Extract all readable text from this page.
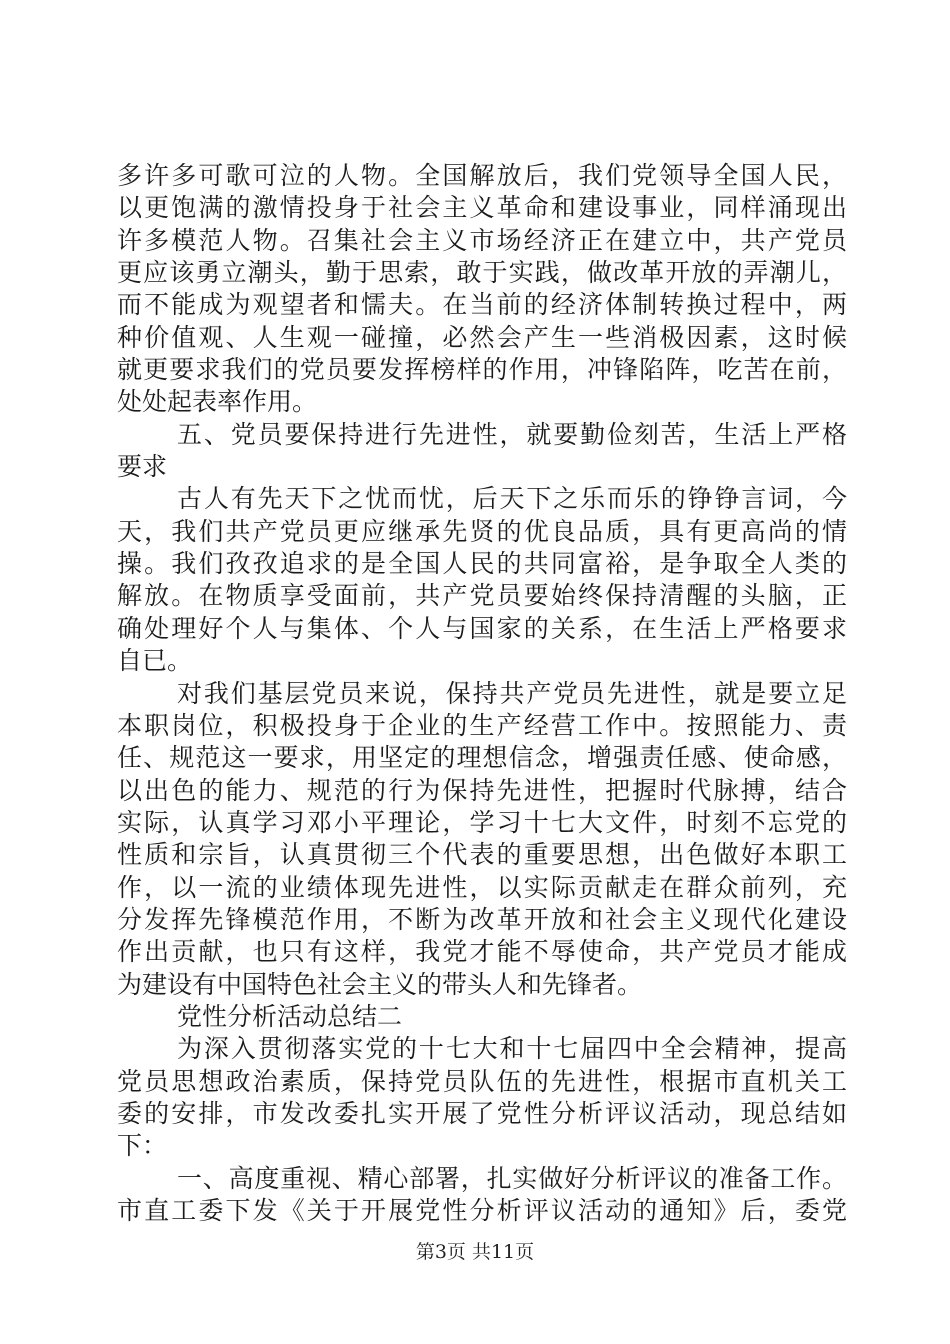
多许多可歌可泣的人物。全国解放后，我们党领导全国人民，
以更饱满的激情投身于社会主义革命和建设事业，同样涌现出
许多模范人物。召集社会主义市场经济正在建立中，共产党员
更应该勇立潮头，勤于思索，敢于实践，做改革开放的弄潮儿，
而不能成为观望者和懦夫。在当前的经济体制转换过程中，两
种价值观、人生观一碰撞，必然会产生一些消极因素，这时候
就更要求我们的党员要发挥榜样的作用，冲锋陷阵，吃苦在前，
处处起表率作用。
五、党员要保持进行先进性，就要勤俭刻苦，生活上严格
要求
古人有先天下之忧而忧，后天下之乐而乐的铮铮言词，今
天，我们共产党员更应继承先贤的优良品质，具有更高尚的情
操。我们孜孜追求的是全国人民的共同富裕，是争取全人类的
解放。在物质享受面前，共产党员要始终保持清醒的头脑，正
确处理好个人与集体、个人与国家的关系，在生活上严格要求
自已。
对我们基层党员来说，保持共产党员先进性，就是要立足
本职岗位，积极投身于企业的生产经营工作中。按照能力、责
任、规范这一要求，用坚定的理想信念，增强责任感、使命感，
以出色的能力、规范的行为保持先进性，把握时代脉搏，结合
实际，认真学习邓小平理论，学习十七大文件，时刻不忘党的
性质和宗旨，认真贯彻三个代表的重要思想，出色做好本职工
作，以一流的业绩体现先进性，以实际贡献走在群众前列，充
分发挥先锋模范作用，不断为改革开放和社会主义现代化建设
作出贡献，也只有这样，我党才能不辱使命，共产党员才能成
为建设有中国特色社会主义的带头人和先锋者。
党性分析活动总结二
为深入贯彻落实党的十七大和十七届四中全会精神，提高
党员思想政治素质，保持党员队伍的先进性，根据市直机关工
委的安排，市发改委扎实开展了党性分析评议活动，现总结如
下：
一、高度重视、精心部署，扎实做好分析评议的准备工作。
市直工委下发《关于开展党性分析评议活动的通知》后，委党
第3页 共11页
